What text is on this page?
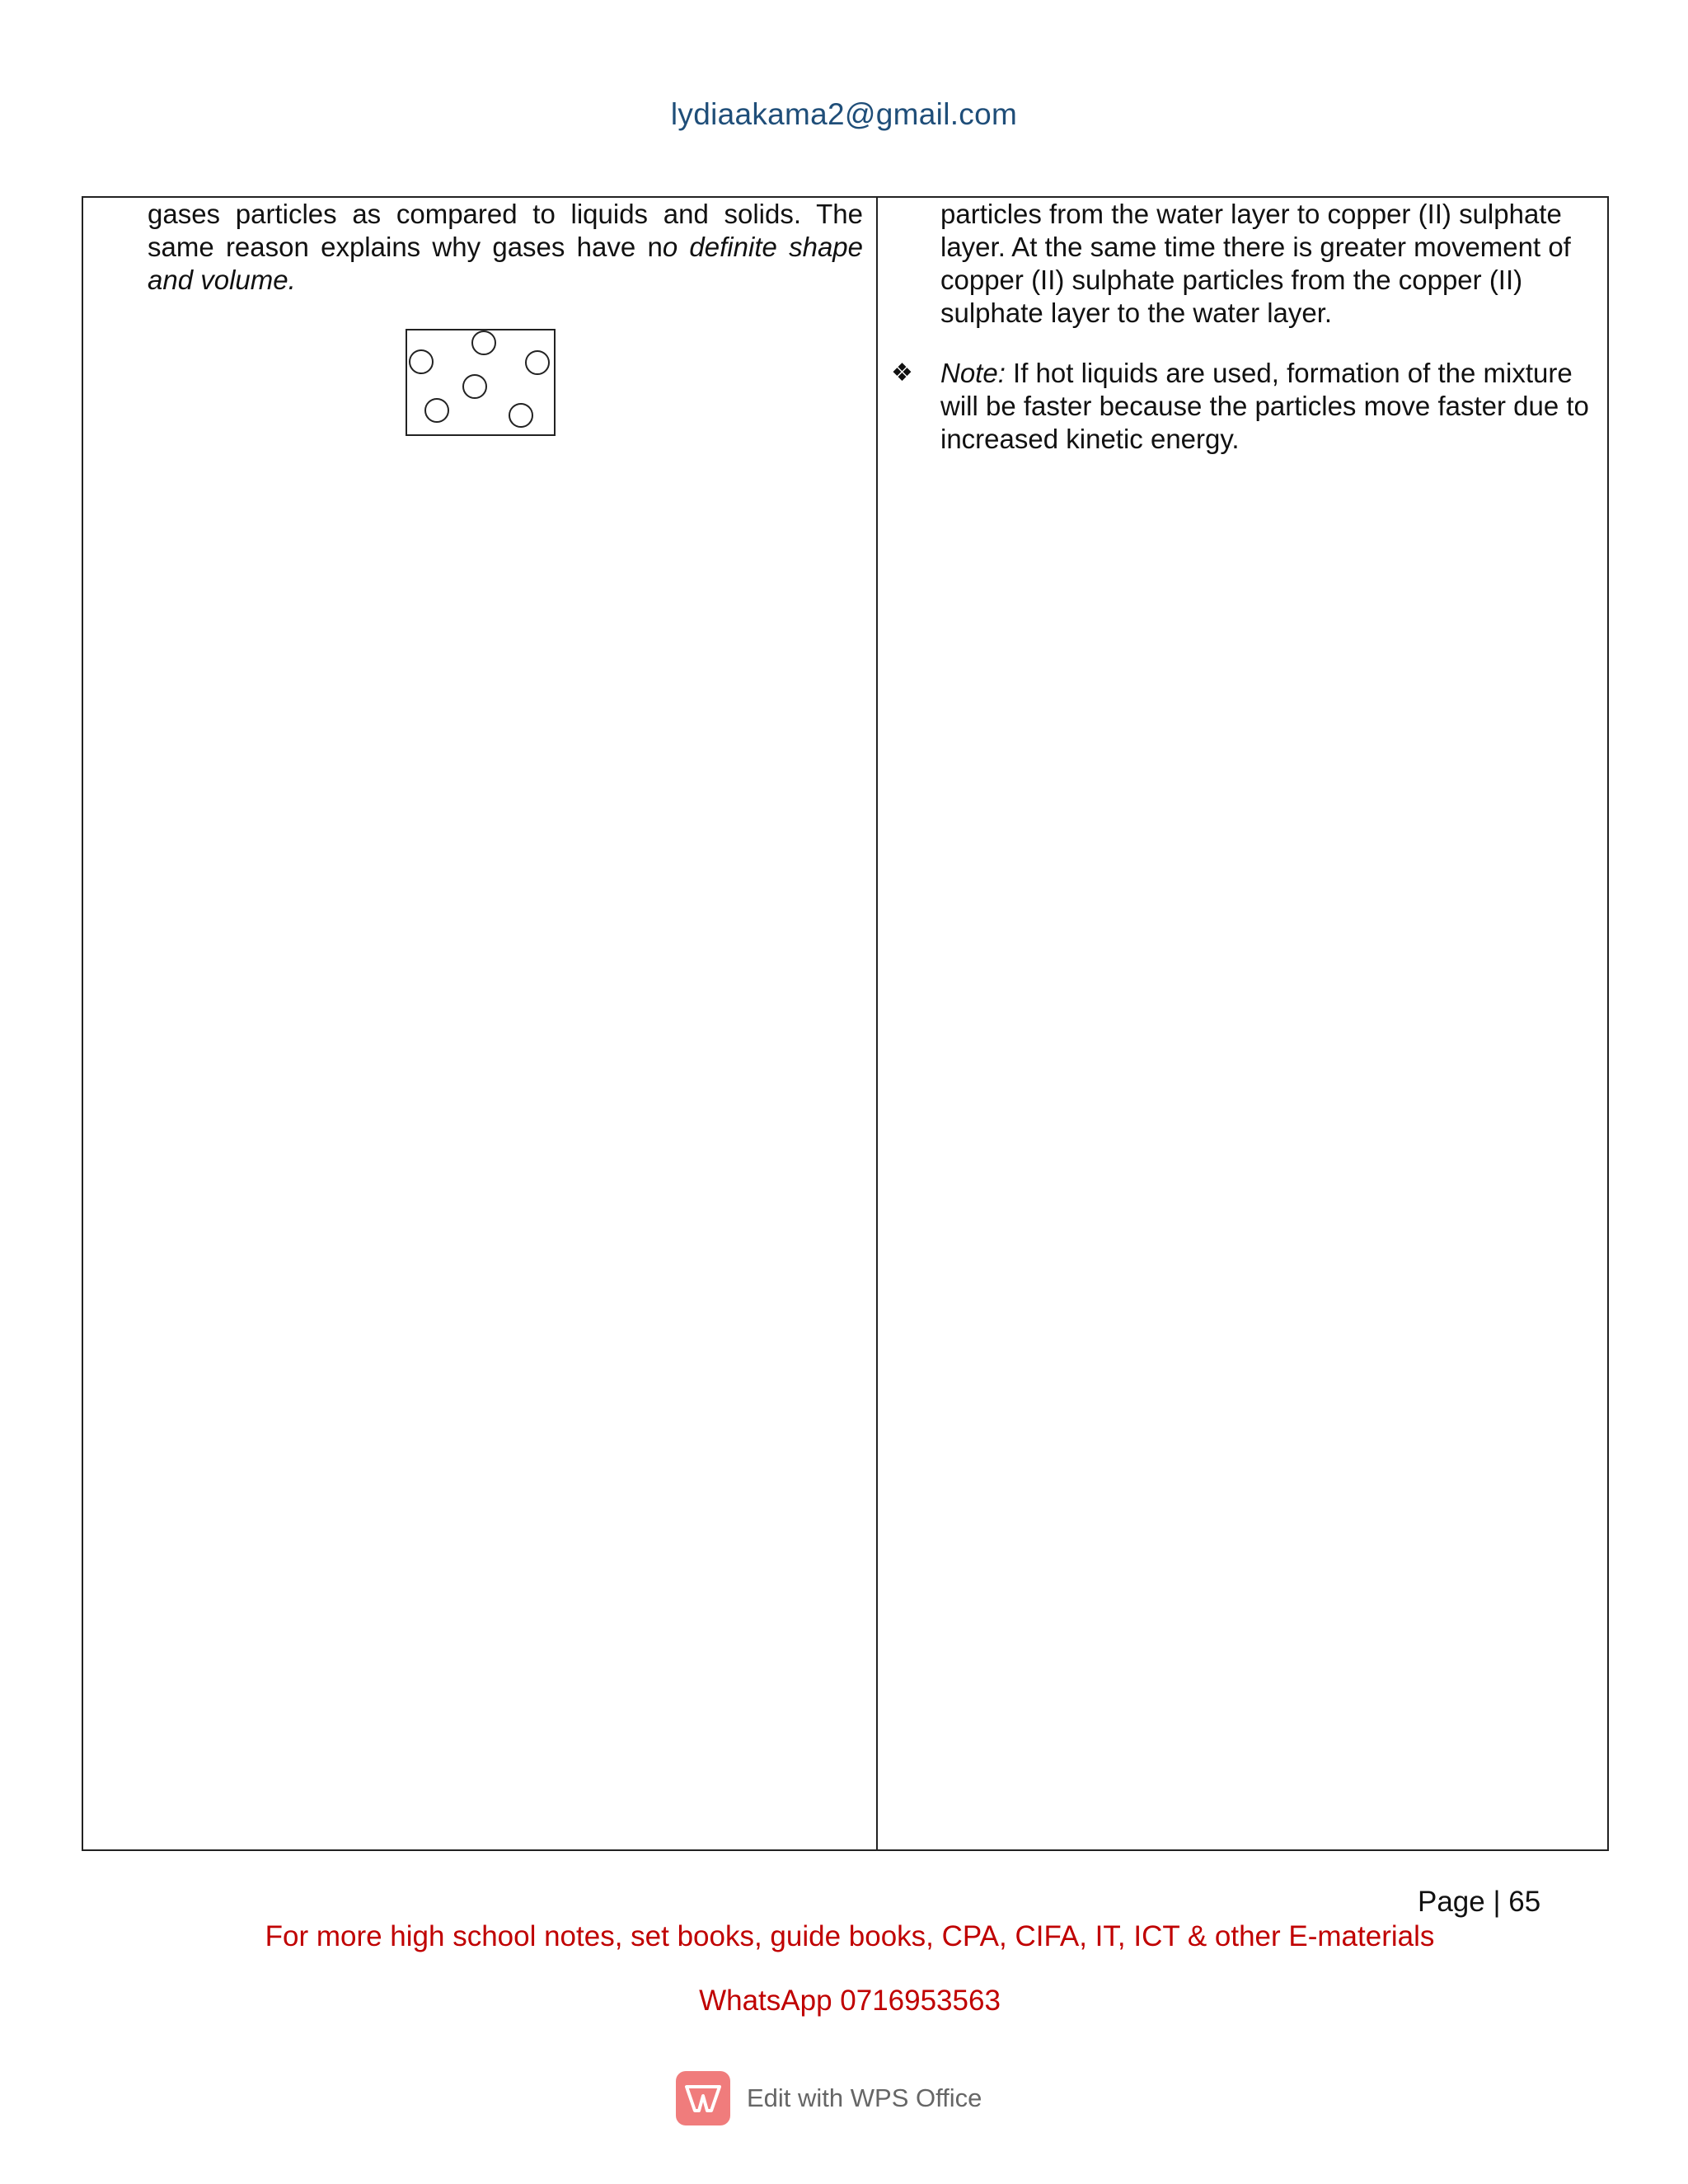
lydiaakama2@gmail.com

gases particles as compared to liquids and solids. The same reason explains why gases have no definite shape and volume.

particles from the water layer to copper (II) sulphate layer. At the same time there is greater movement of copper (II) sulphate particles from the copper (II) sulphate layer to the water layer.

❖ Note: If hot liquids are used, formation of the mixture will be faster because the particles move faster due to increased kinetic energy.

Page | 65
For more high school notes, set books, guide books, CPA, CIFA, IT, ICT & other E-materials
WhatsApp 0716953563
Edit with WPS Office
